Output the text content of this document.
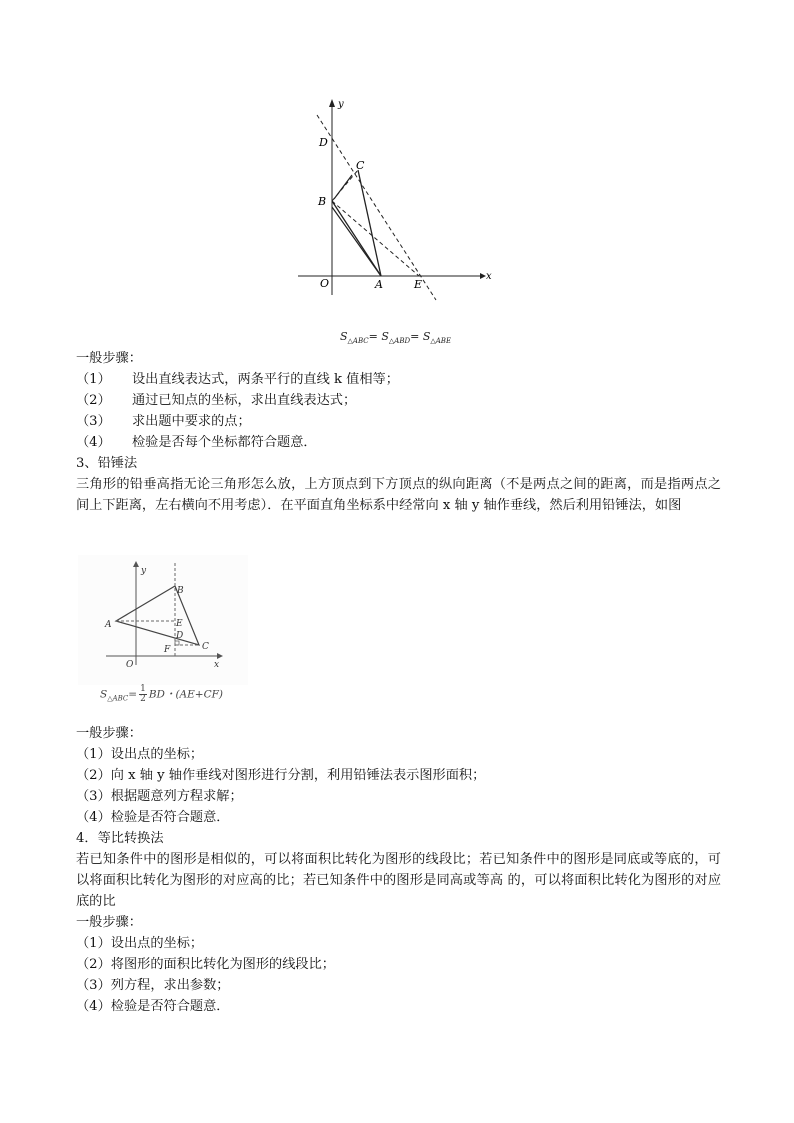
y
x
O	A	E
B
C
D
$S_{\triangle ABC}= S_{\triangle ABD}= S_{\triangle ABE}$
一般步骤：
（1） 设出直线表达式，两条平行的直线 k 值相等；
（2） 通过已知点的坐标，求出直线表达式；
（3） 求出题中要求的点；
（4） 检验是否每个坐标都符合题意．
3、铅锤法
三角形的铅垂高指无论三角形怎么放，上方顶点到下方顶点的纵向距离（不是两点之间的距离，而是指两点之间上下距离，左右横向不用考虑）．在平面直角坐标系中经常向 x 轴 y 轴作垂线，然后利用铅锤法，如图
y
x
O
A
B
C
D
E
F
$S_{\triangle ABC}= \frac{1}{2}$ BD・(AE+CF)
一般步骤：
（1）设出点的坐标；
（2）向 x 轴 y 轴作垂线对图形进行分割，利用铅锤法表示图形面积；
（3）根据题意列方程求解；
（4）检验是否符合题意．
4．等比转换法
若已知条件中的图形是相似的，可以将面积比转化为图形的线段比；若已知条件中的图形是同底或等底的，可以将面积比转化为图形的对应高的比；若已知条件中的图形是同高或等高 的，可以将面积比转化为图形的对应底的比
一般步骤：
（1）设出点的坐标；
（2）将图形的面积比转化为图形的线段比；
（3）列方程，求出参数；
（4）检验是否符合题意．
